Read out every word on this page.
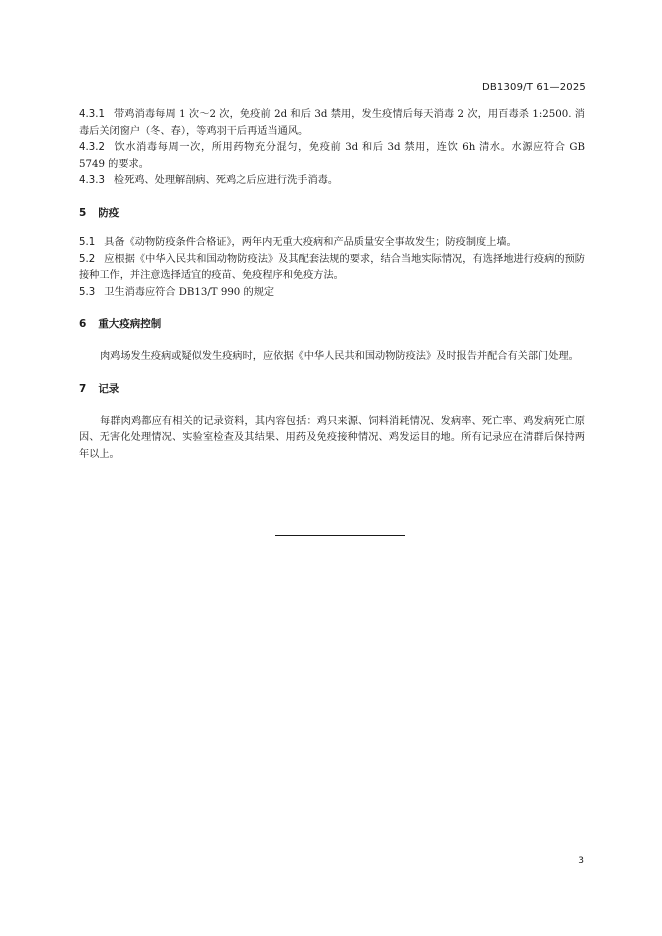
DB1309/T 61—2025

4.3.1 带鸡消毒每周 1 次～2 次，免疫前 2d 和后 3d 禁用，发生疫情后每天消毒 2 次，用百毒杀 1:2500. 消毒后关闭窗户（冬、春），等鸡羽干后再适当通风。

4.3.2 饮水消毒每周一次，所用药物充分混匀，免疫前 3d 和后 3d 禁用，连饮 6h 清水。水源应符合 GB 5749 的要求。

4.3.3 检死鸡、处理解剖病、死鸡之后应进行洗手消毒。

5 防疫

5.1 具备《动物防疫条件合格证》，两年内无重大疫病和产品质量安全事故发生；防疫制度上墙。

5.2 应根据《中华入民共和国动物防疫法》及其配套法规的要求，结合当地实际情况，有选择地进行疫病的预防接种工作，并注意选择适宜的疫苗、免疫程序和免疫方法。

5.3 卫生消毒应符合 DB13/T 990 的规定

6 重大疫病控制

肉鸡场发生疫病或疑似发生疫病时，应依据《中华人民共和国动物防疫法》及时报告并配合有关部门处理。

7 记录

每群肉鸡都应有相关的记录资料，其内容包括：鸡只来源、饲料消耗情况、发病率、死亡率、鸡发病死亡原因、无害化处理情况、实验室检查及其结果、用药及免疫接种情况、鸡发运目的地。所有记录应在清群后保持两年以上。

3
